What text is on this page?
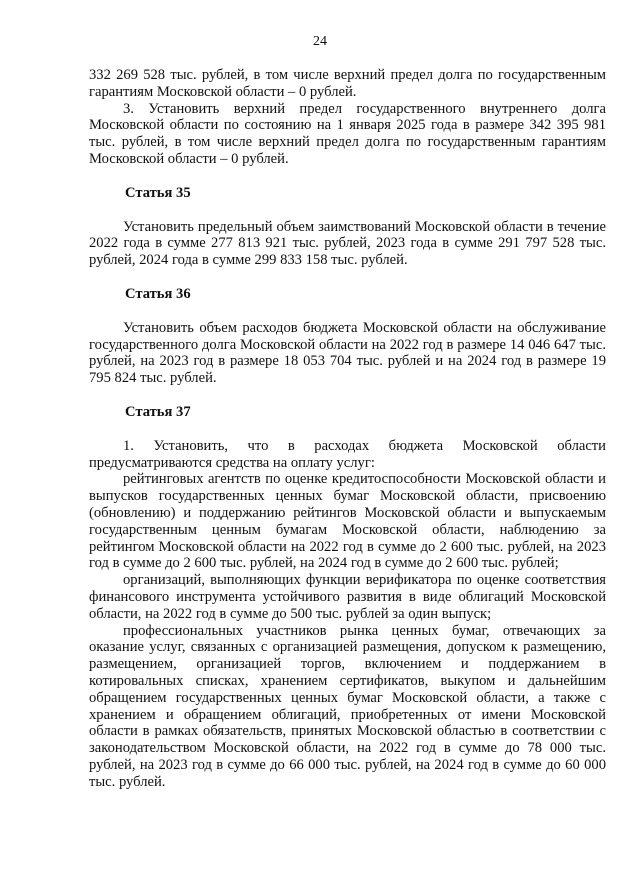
24

332 269 528 тыс. рублей, в том числе верхний предел долга по государственным гарантиям Московской области – 0 рублей.

3. Установить верхний предел государственного внутреннего долга Московской области по состоянию на 1 января 2025 года в размере 342 395 981 тыс. рублей, в том числе верхний предел долга по государственным гарантиям Московской области – 0 рублей.

Статья 35

Установить предельный объем заимствований Московской области в течение 2022 года в сумме 277 813 921 тыс. рублей, 2023 года в сумме 291 797 528 тыс. рублей, 2024 года в сумме 299 833 158 тыс. рублей.

Статья 36

Установить объем расходов бюджета Московской области на обслуживание государственного долга Московской области на 2022 год в размере 14 046 647 тыс. рублей, на 2023 год в размере 18 053 704 тыс. рублей и на 2024 год в размере 19 795 824 тыс. рублей.

Статья 37

1. Установить, что в расходах бюджета Московской области предусматриваются средства на оплату услуг:

рейтинговых агентств по оценке кредитоспособности Московской области и выпусков государственных ценных бумаг Московской области, присвоению (обновлению) и поддержанию рейтингов Московской области и выпускаемым государственным ценным бумагам Московской области, наблюдению за рейтингом Московской области на 2022 год в сумме до 2 600 тыс. рублей, на 2023 год в сумме до 2 600 тыс. рублей, на 2024 год в сумме до 2 600 тыс. рублей;

организаций, выполняющих функции верификатора по оценке соответствия финансового инструмента устойчивого развития в виде облигаций Московской области, на 2022 год в сумме до 500 тыс. рублей за один выпуск;

профессиональных участников рынка ценных бумаг, отвечающих за оказание услуг, связанных с организацией размещения, допуском к размещению, размещением, организацией торгов, включением и поддержанием в котировальных списках, хранением сертификатов, выкупом и дальнейшим обращением государственных ценных бумаг Московской области, а также с хранением и обращением облигаций, приобретенных от имени Московской области в рамках обязательств, принятых Московской областью в соответствии с законодательством Московской области, на 2022 год в сумме до 78 000 тыс. рублей, на 2023 год в сумме до 66 000 тыс. рублей, на 2024 год в сумме до 60 000 тыс. рублей.
